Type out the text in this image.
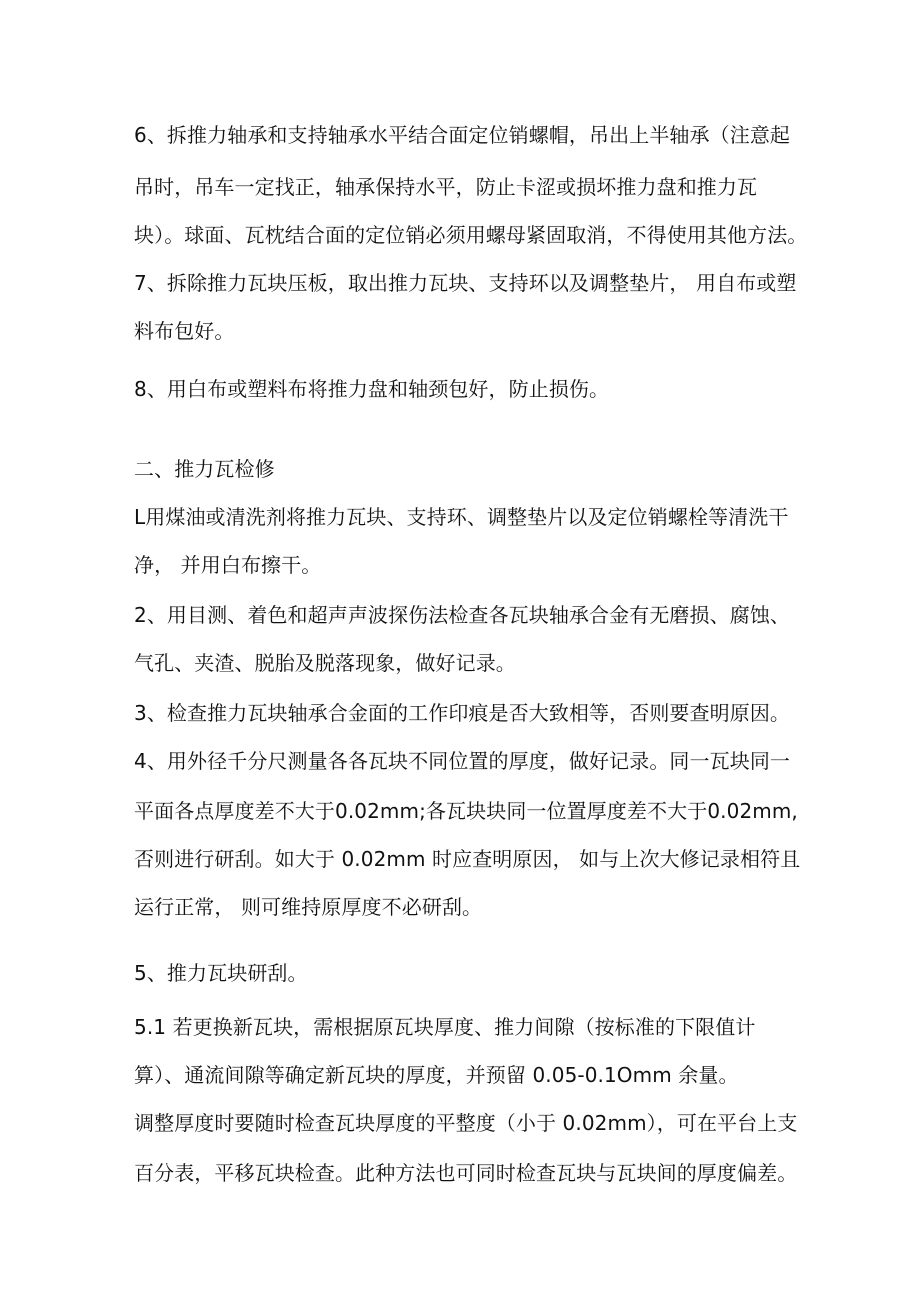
6、拆推力轴承和支持轴承水平结合面定位销螺帽，吊出上半轴承（注意起
吊时，吊车一定找正，轴承保持水平，防止卡涩或损坏推力盘和推力瓦
块）。球面、瓦枕结合面的定位销必须用螺母紧固取消，不得使用其他方法。
7、拆除推力瓦块压板，取出推力瓦块、支持环以及调整垫片， 用自布或塑
料布包好。
8、用白布或塑料布将推力盘和轴颈包好，防止损伤。
二、推力瓦检修
L用煤油或清洗剂将推力瓦块、支持环、调整垫片以及定位销螺栓等清洗干
净， 并用白布擦干。
2、用目测、着色和超声声波探伤法检查各瓦块轴承合金有无磨损、腐蚀、
气孔、夹渣、脱胎及脱落现象，做好记录。
3、检查推力瓦块轴承合金面的工作印痕是否大致相等，否则要查明原因。
4、用外径千分尺测量各各瓦块不同位置的厚度，做好记录。同一瓦块同一
平面各点厚度差不大于0.02mm;各瓦块块同一位置厚度差不大于0.02mm,
否则进行研刮。如大于 0.02mm 时应查明原因， 如与上次大修记录相符且
运行正常， 则可维持原厚度不必研刮。
5、推力瓦块研刮。
5.1 若更换新瓦块，需根据原瓦块厚度、推力间隙（按标准的下限值计
算）、通流间隙等确定新瓦块的厚度，并预留 0.05-0.1Omm 余量。
调整厚度时要随时检查瓦块厚度的平整度（小于 0.02mm），可在平台上支
百分表，平移瓦块检查。此种方法也可同时检查瓦块与瓦块间的厚度偏差。
